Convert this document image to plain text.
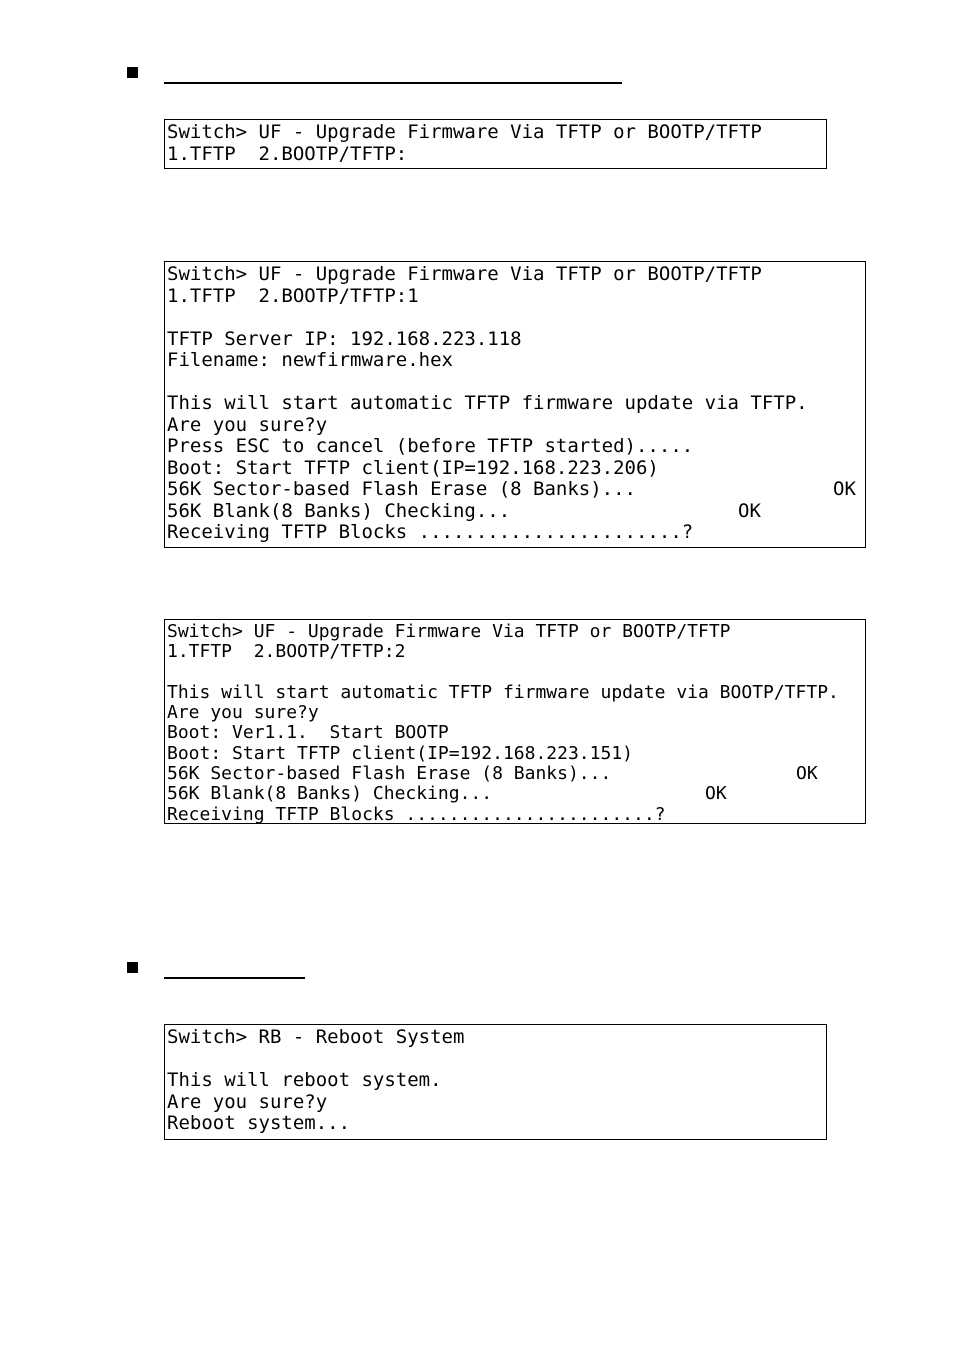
Switch> UF - Upgrade Firmware Via TFTP or BOOTP/TFTP
1.TFTP  2.BOOTP/TFTP:
Switch> UF - Upgrade Firmware Via TFTP or BOOTP/TFTP
1.TFTP  2.BOOTP/TFTP:1
TFTP Server IP: 192.168.223.118
Filename: newfirmware.hex
This will start automatic TFTP firmware update via TFTP.
Are you sure?y
Press ESC to cancel (before TFTP started).....
Boot: Start TFTP client(IP=192.168.223.206)
56K Sector-based Flash Erase (8 Banks)...
56K Blank(8 Banks) Checking...
Receiving TFTP Blocks .......................?
OK
OK
Switch> UF - Upgrade Firmware Via TFTP or BOOTP/TFTP
1.TFTP  2.BOOTP/TFTP:2
This will start automatic TFTP firmware update via BOOTP/TFTP.
Are you sure?y
Boot: Ver1.1.  Start BOOTP
Boot: Start TFTP client(IP=192.168.223.151)
56K Sector-based Flash Erase (8 Banks)...
56K Blank(8 Banks) Checking...
Receiving TFTP Blocks .......................?
OK
OK
Switch> RB - Reboot System
This will reboot system.
Are you sure?y
Reboot system...
